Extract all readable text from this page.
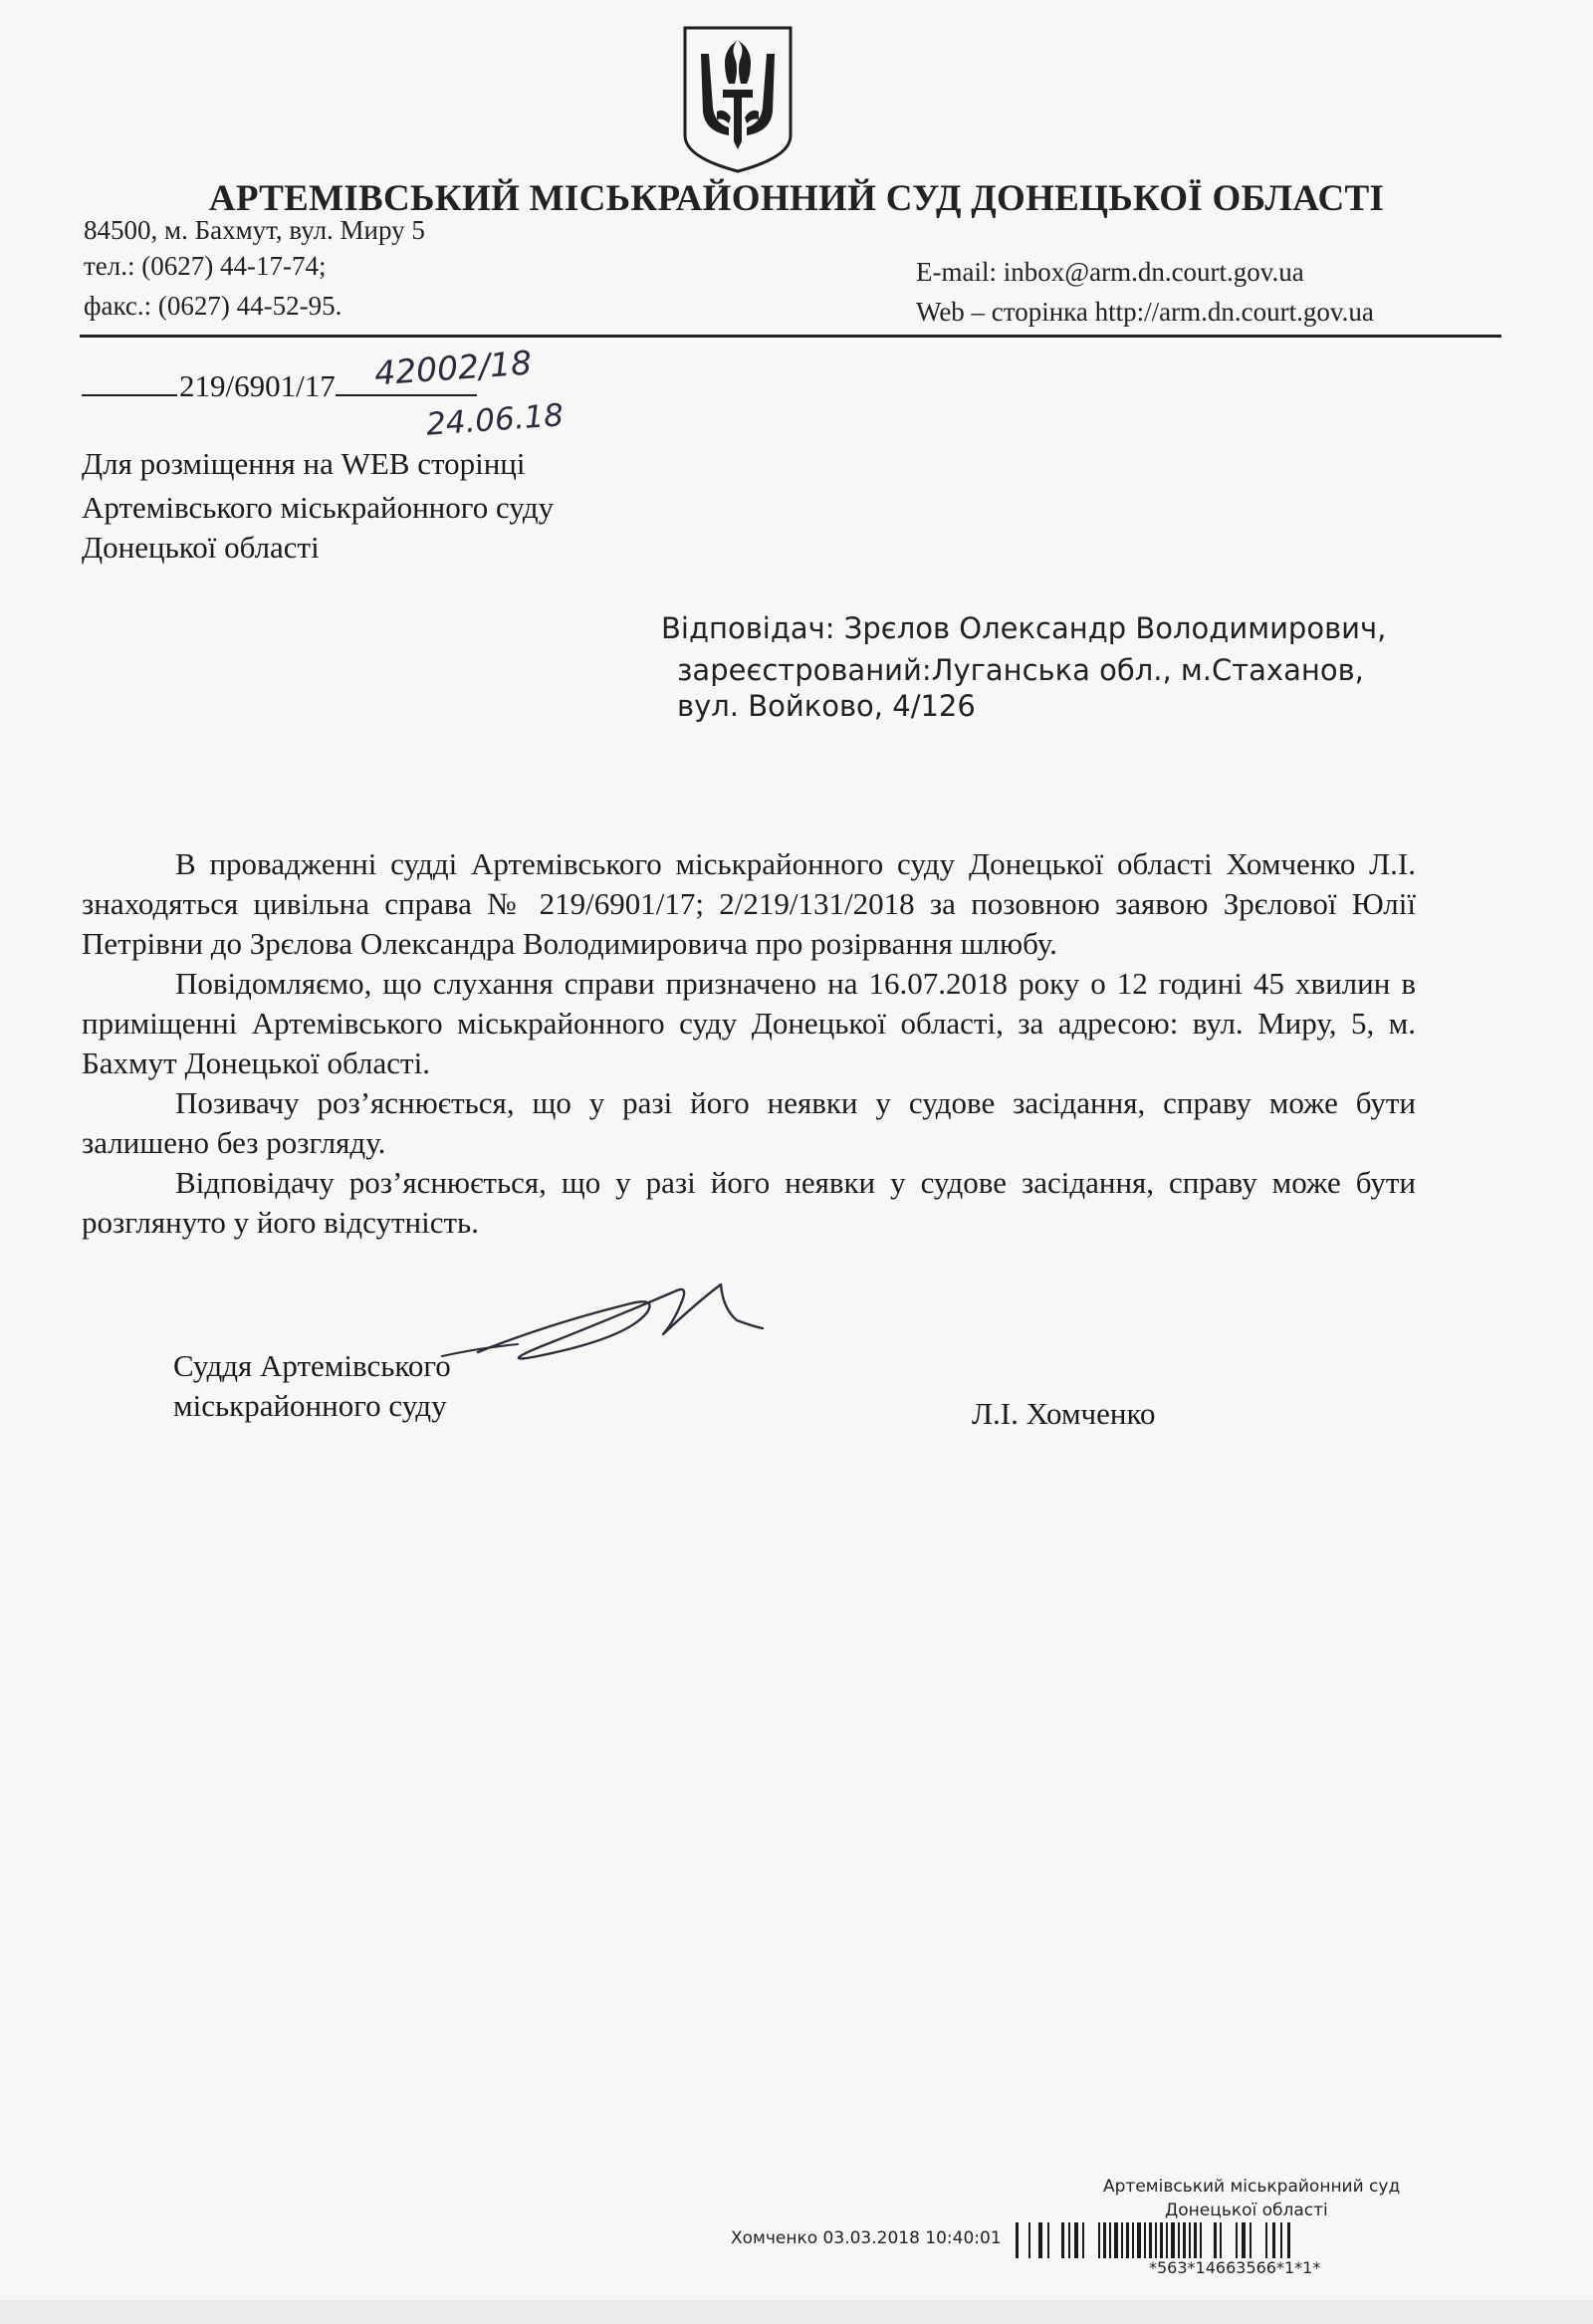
АРТЕМІВСЬКИЙ МІСЬКРАЙОННИЙ СУД ДОНЕЦЬКОЇ ОБЛАСТІ
84500, м. Бахмут, вул. Миру 5
тел.: (0627) 44-17-74;
факс.: (0627) 44-52-95.
E-mail: inbox@arm.dn.court.gov.ua
Web – сторінка http://arm.dn.court.gov.ua
219/6901/17	42002/18
24.06.18
Для розміщення на WEB сторінці
Артемівського міськрайонного суду
Донецької області
Відповідач: Зрєлов Олександр Володимирович,
зареєстрований:Луганська обл., м.Стаханов,
вул. Войково, 4/126

В провадженні судді Артемівського міськрайонного суду Донецької області Хомченко Л.І. знаходяться цивільна справа № 219/6901/17; 2/219/131/2018 за позовною заявою Зрєлової Юлії Петрівни до Зрєлова Олександра Володимировича про розірвання шлюбу.

Повідомляємо, що слухання справи призначено на 16.07.2018 року о 12 годині 45 хвилин в приміщенні Артемівського міськрайонного суду Донецької області, за адресою: вул. Миру, 5, м. Бахмут Донецької області.

Позивачу роз’яснюється, що у разі його неявки у судове засідання, справу може бути залишено без розгляду.

Відповідачу роз’яснюється, що у разі його неявки у судове засідання, справу може бути розглянуто у його відсутність.

Суддя Артемівського
міськрайонного суду	Л.І. Хомченко
Артемівський міськрайонний суд
Донецької області
Хомченко 03.03.2018 10:40:01
*563*14663566*1*1*
